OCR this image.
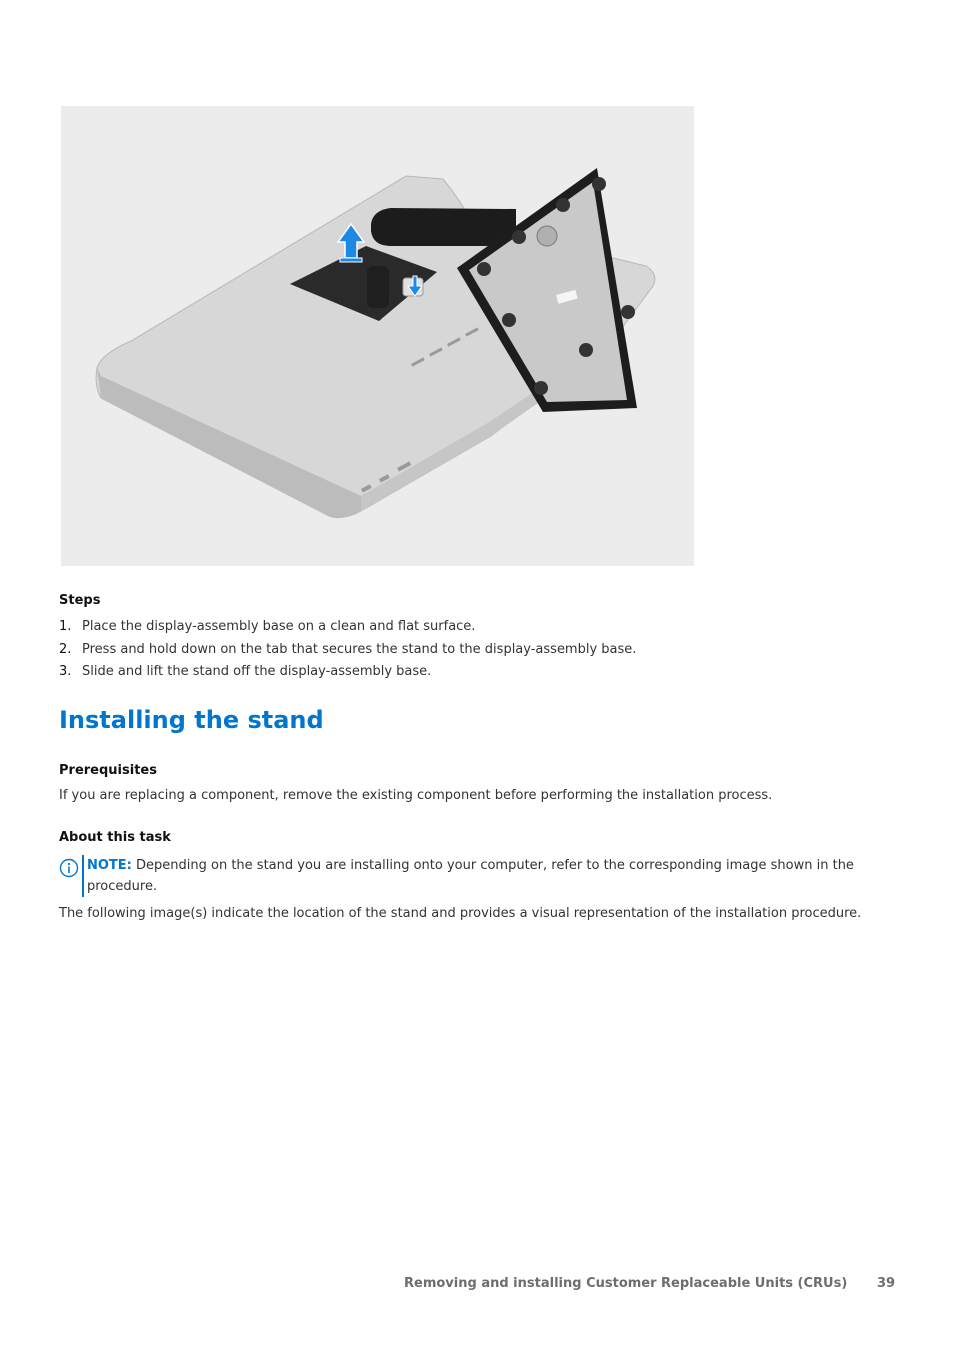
Steps
1. Place the display-assembly base on a clean and flat surface.
2. Press and hold down on the tab that secures the stand to the display-assembly base.
3. Slide and lift the stand off the display-assembly base.
Installing the stand
Prerequisites
If you are replacing a component, remove the existing component before performing the installation process.
About this task
NOTE: Depending on the stand you are installing onto your computer, refer to the corresponding image shown in the procedure.
The following image(s) indicate the location of the stand and provides a visual representation of the installation procedure.
Removing and installing Customer Replaceable Units (CRUs) 39
